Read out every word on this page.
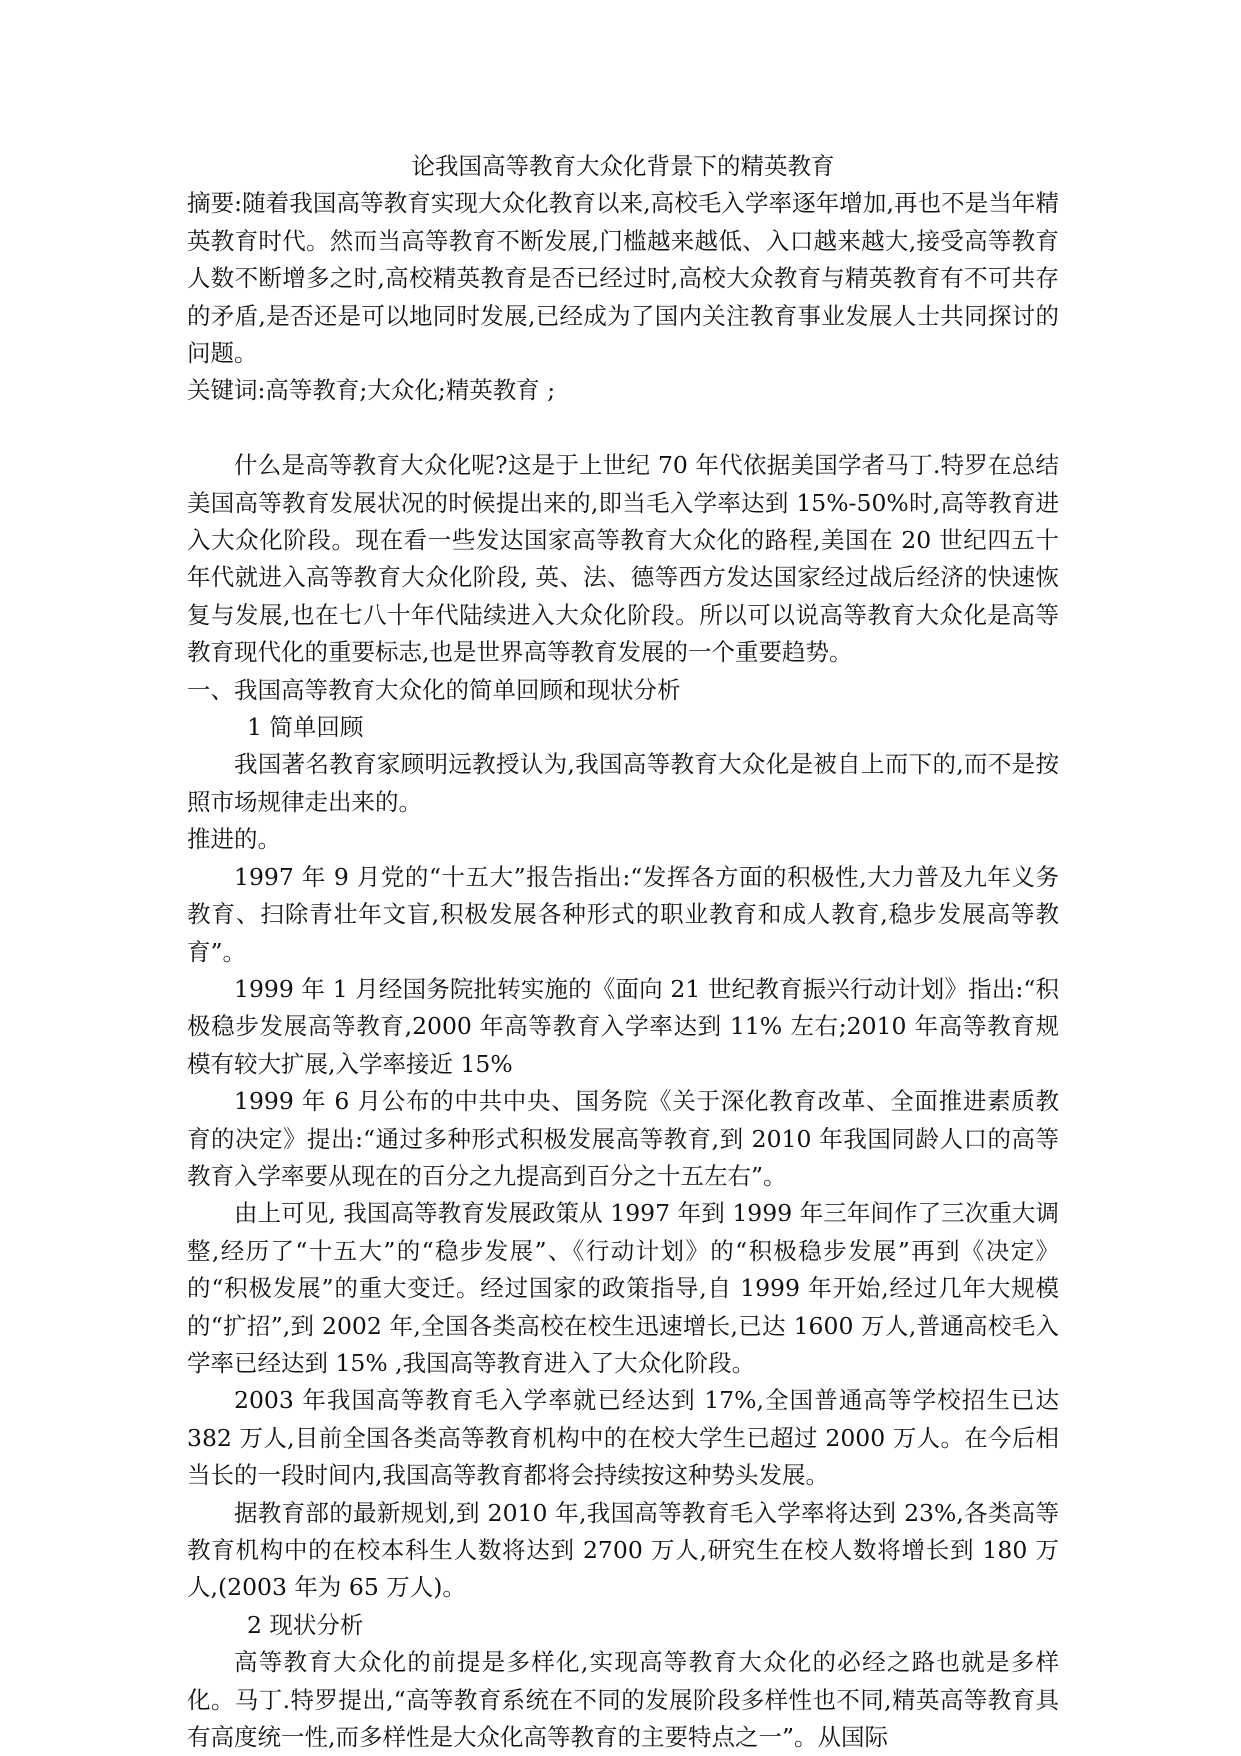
论我国高等教育大众化背景下的精英教育

摘要:随着我国高等教育实现大众化教育以来,高校毛入学率逐年增加,再也不是当年精英教育时代。然而当高等教育不断发展,门槛越来越低、入口越来越大,接受高等教育人数不断增多之时,高校精英教育是否已经过时,高校大众教育与精英教育有不可共存的矛盾,是否还是可以地同时发展,已经成为了国内关注教育事业发展人士共同探讨的问题。

关键词:高等教育;大众化;精英教育 ;

什么是高等教育大众化呢?这是于上世纪 70 年代依据美国学者马丁.特罗在总结美国高等教育发展状况的时候提出来的,即当毛入学率达到 15%-50%时,高等教育进入大众化阶段。现在看一些发达国家高等教育大众化的路程,美国在 20 世纪四五十年代就进入高等教育大众化阶段, 英、法、德等西方发达国家经过战后经济的快速恢复与发展,也在七八十年代陆续进入大众化阶段。所以可以说高等教育大众化是高等教育现代化的重要标志,也是世界高等教育发展的一个重要趋势。

一、我国高等教育大众化的简单回顾和现状分析

1 简单回顾

我国著名教育家顾明远教授认为,我国高等教育大众化是被自上而下的,而不是按照市场规律走出来的。

推进的。

1997 年 9 月党的“十五大”报告指出:“发挥各方面的积极性,大力普及九年义务教育、扫除青壮年文盲,积极发展各种形式的职业教育和成人教育,稳步发展高等教育”。

1999 年 1 月经国务院批转实施的《面向 21 世纪教育振兴行动计划》指出:“积极稳步发展高等教育,2000 年高等教育入学率达到 11% 左右;2010 年高等教育规模有较大扩展,入学率接近 15%

1999 年 6 月公布的中共中央、国务院《关于深化教育改革、全面推进素质教育的决定》提出:“通过多种形式积极发展高等教育,到 2010 年我国同龄人口的高等教育入学率要从现在的百分之九提高到百分之十五左右”。

由上可见, 我国高等教育发展政策从 1997 年到 1999 年三年间作了三次重大调整,经历了“十五大”的“稳步发展”、《行动计划》的“积极稳步发展”再到《决定》的“积极发展”的重大变迁。经过国家的政策指导,自 1999 年开始,经过几年大规模的“扩招”,到 2002 年,全国各类高校在校生迅速增长,已达 1600 万人,普通高校毛入学率已经达到 15% ,我国高等教育进入了大众化阶段。

2003 年我国高等教育毛入学率就已经达到 17%,全国普通高等学校招生已达 382 万人,目前全国各类高等教育机构中的在校大学生已超过 2000 万人。在今后相当长的一段时间内,我国高等教育都将会持续按这种势头发展。

据教育部的最新规划,到 2010 年,我国高等教育毛入学率将达到 23%,各类高等教育机构中的在校本科生人数将达到 2700 万人,研究生在校人数将增长到 180 万人,(2003 年为 65 万人)。

2 现状分析

高等教育大众化的前提是多样化,实现高等教育大众化的必经之路也就是多样化。马丁.特罗提出,“高等教育系统在不同的发展阶段多样性也不同,精英高等教育具有高度统一性,而多样性是大众化高等教育的主要特点之一”。从国际
